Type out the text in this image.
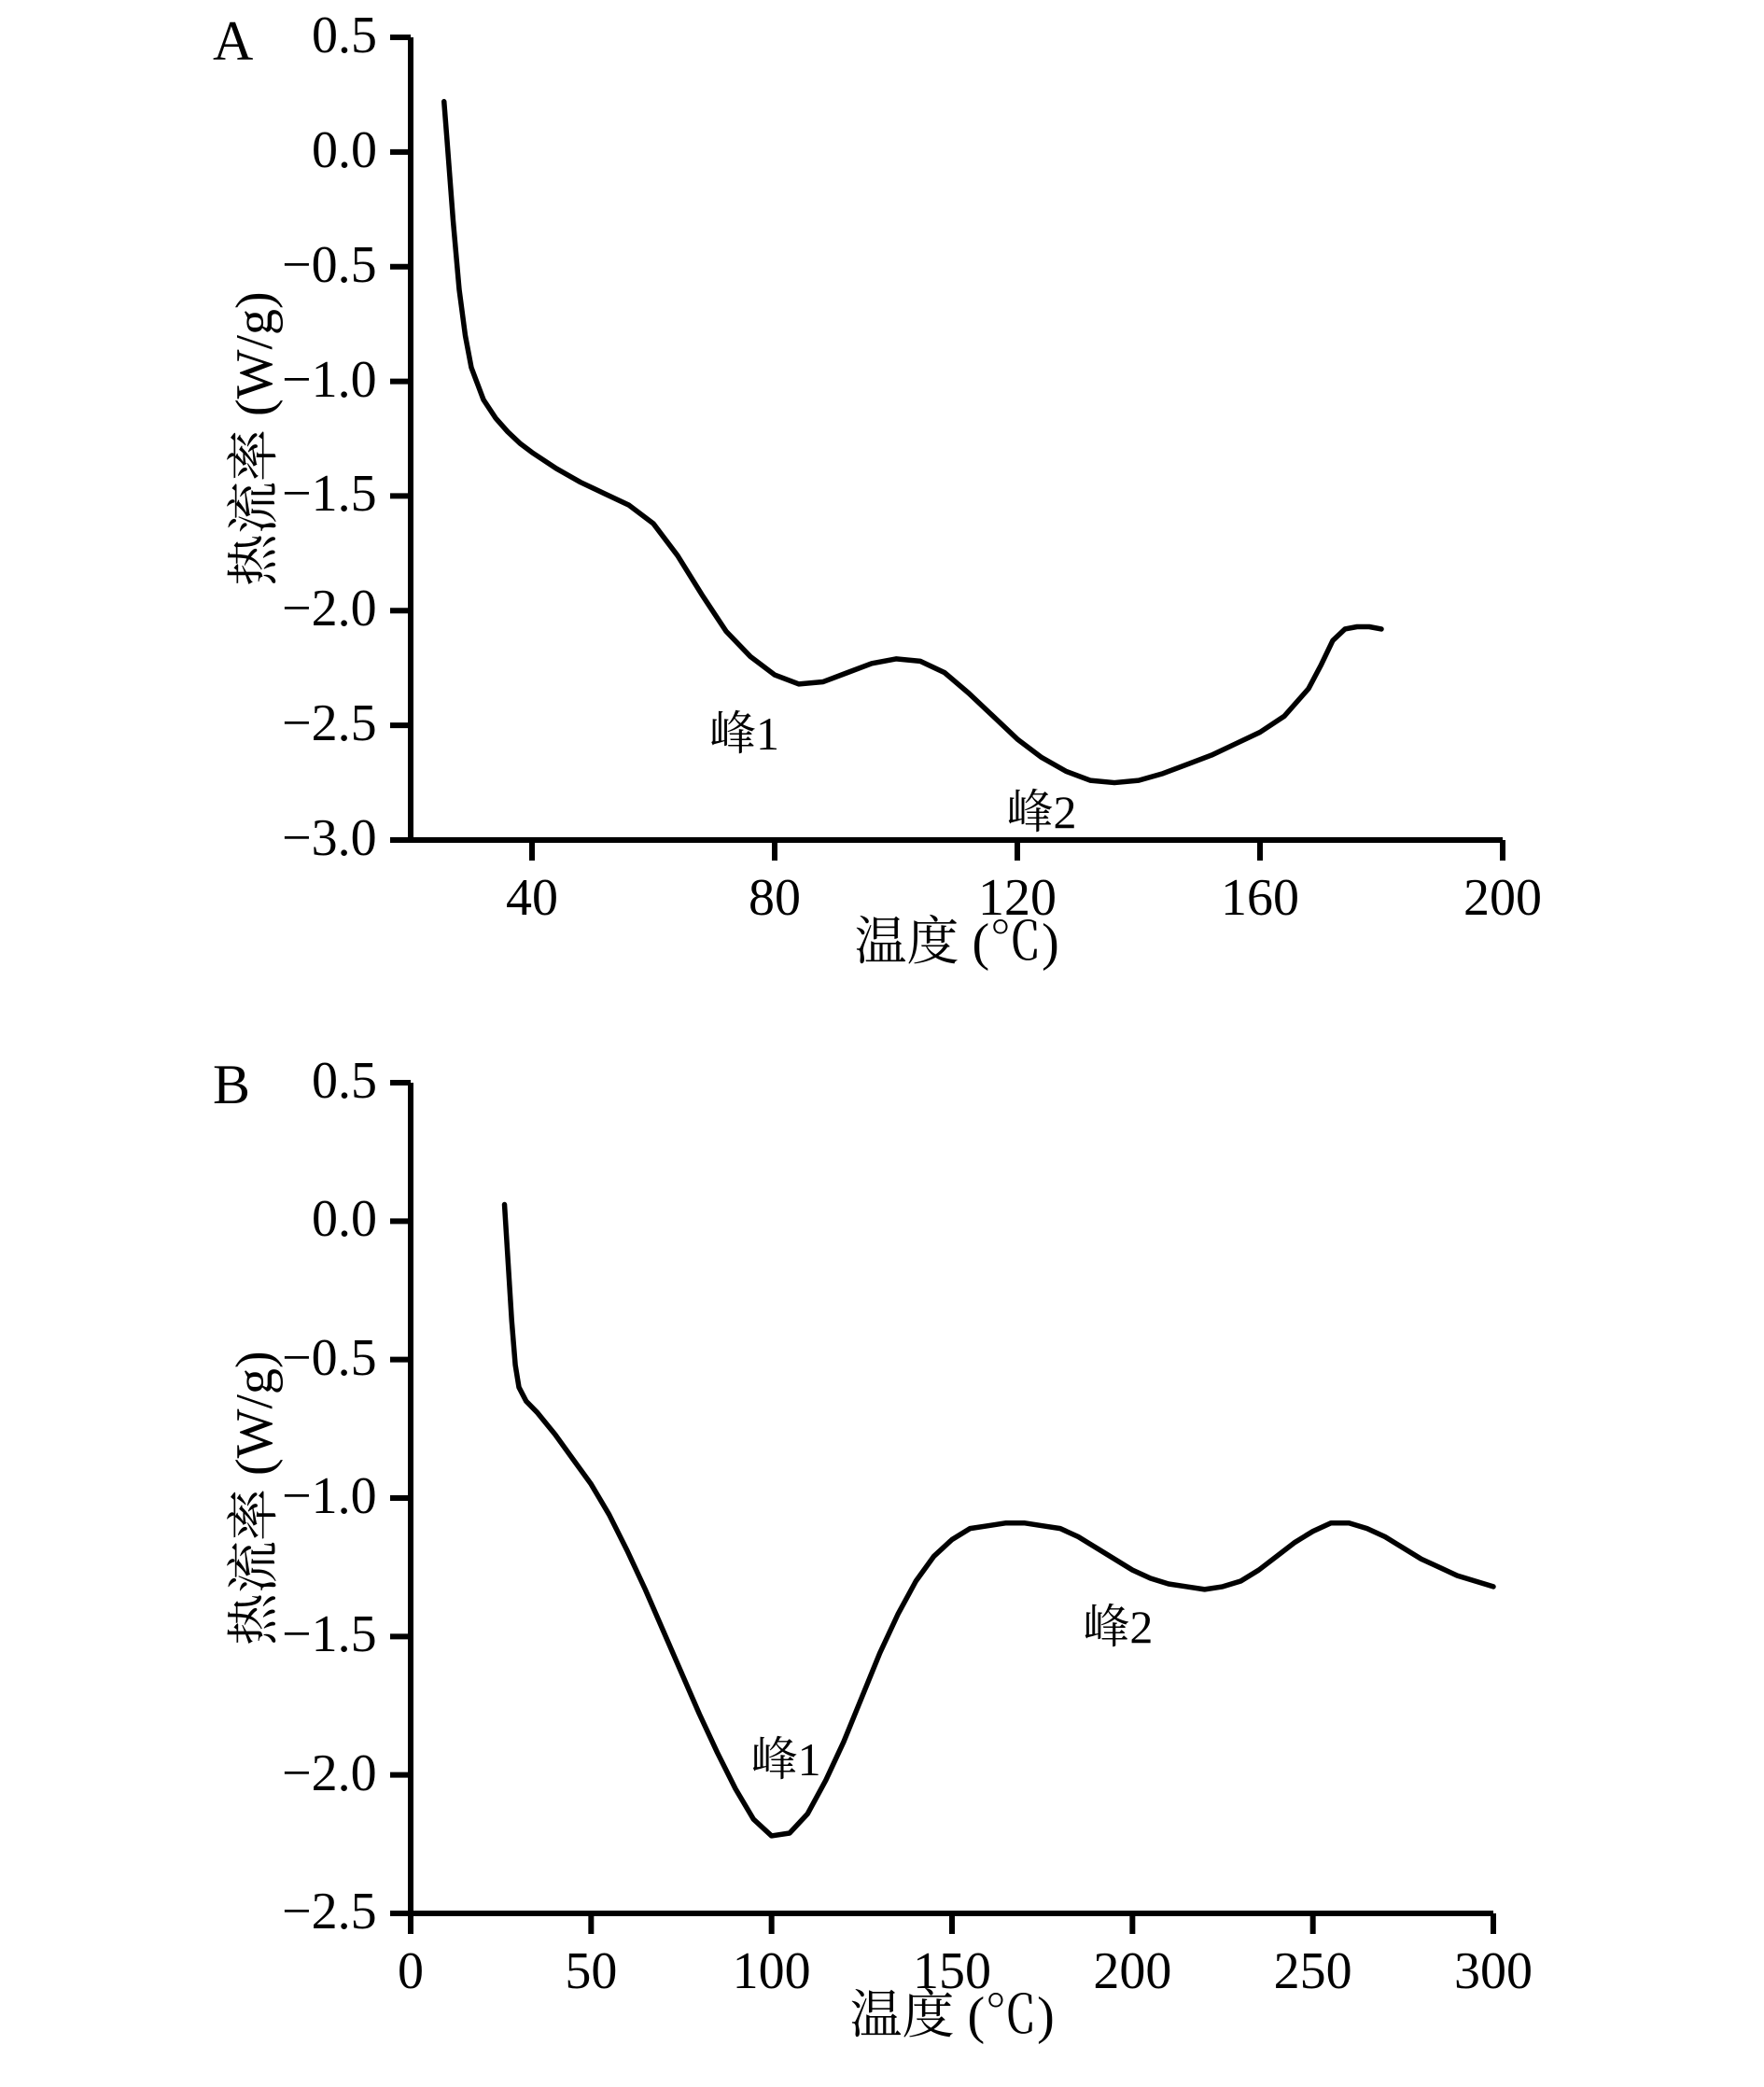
A
热流率 (W/g)
温度 (℃)
0.5
0.0
−0.5
−1.0
−1.5
−2.0
−2.5
−3.0
40	80	120	160	200
峰1
峰2
B
热流率 (W/g)
温度 (℃)
0.5
0.0
−0.5
−1.0
−1.5
−2.0
−2.5
0	50 100 150 200 250 300
峰1
峰2
